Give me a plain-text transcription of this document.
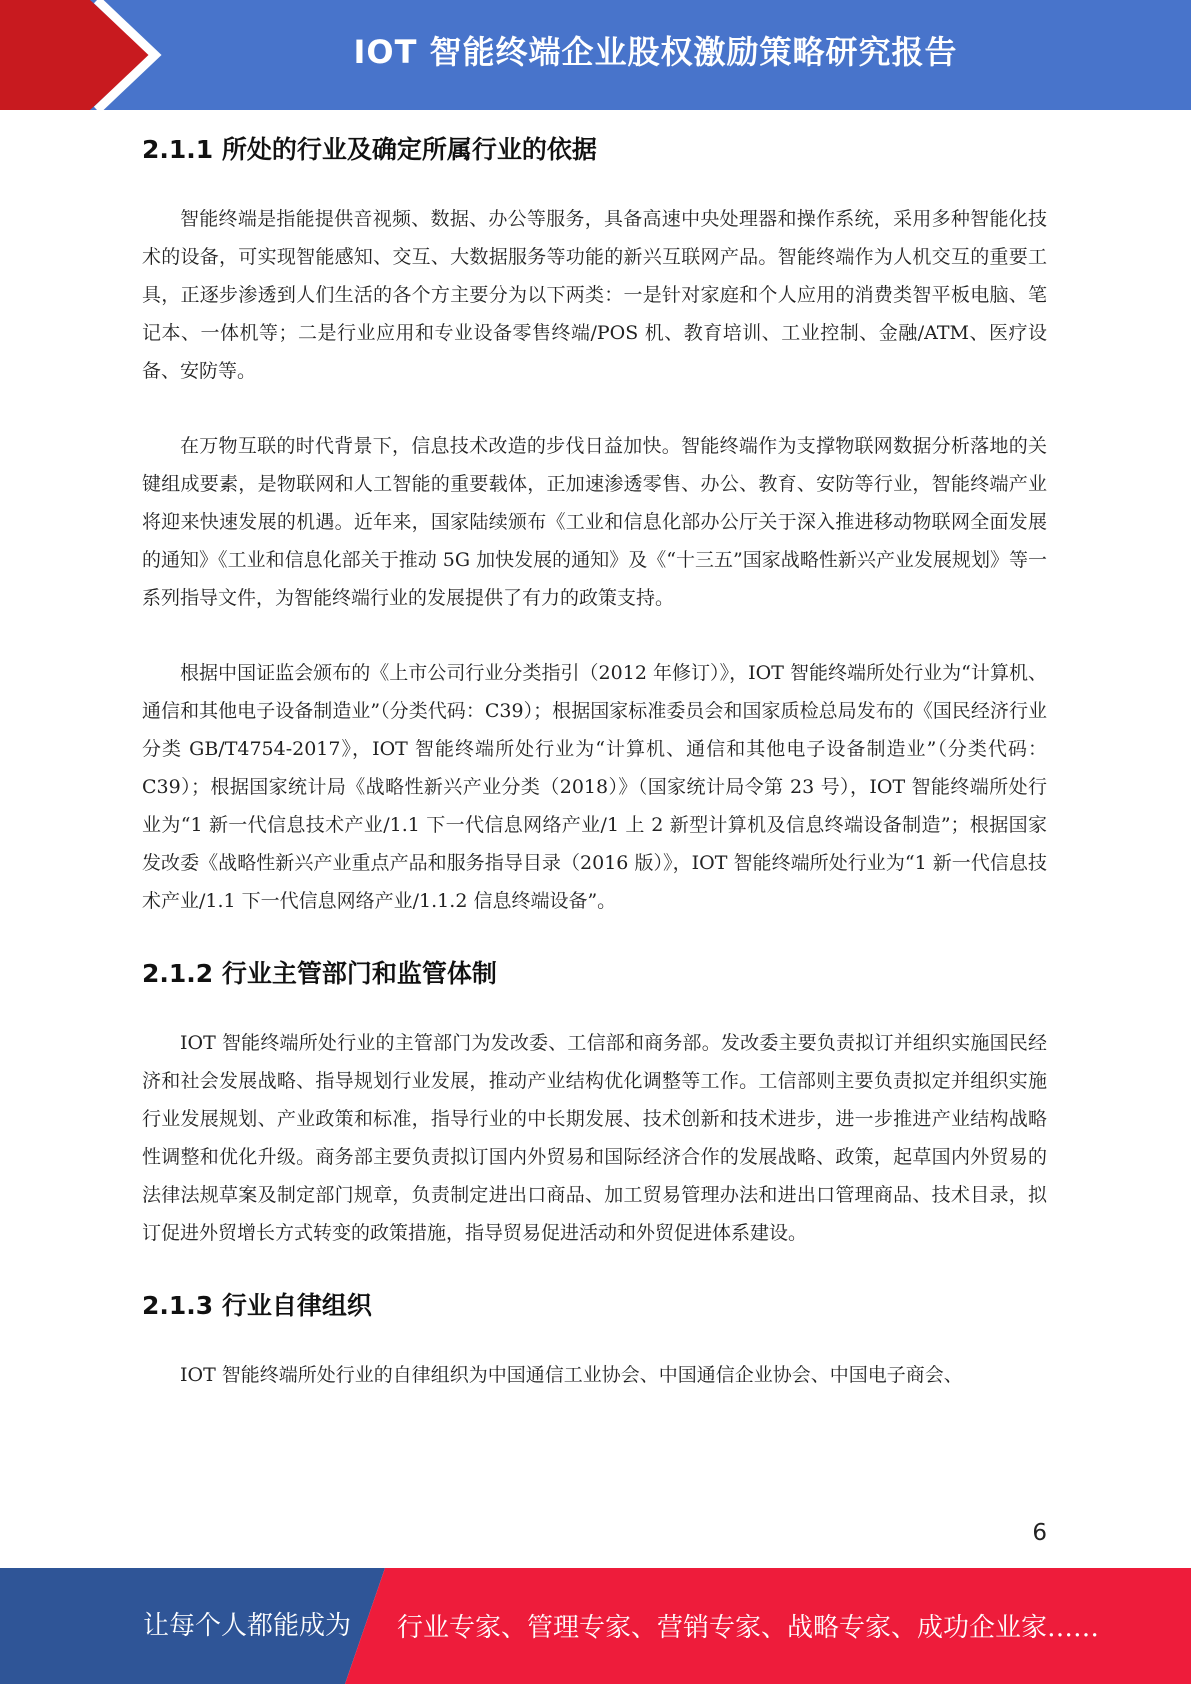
IOT 智能终端企业股权激励策略研究报告
2.1.1 所处的行业及确定所属行业的依据

智能终端是指能提供音视频、数据、办公等服务，具备高速中央处理器和操作系统，采用多种智能化技术的设备，可实现智能感知、交互、大数据服务等功能的新兴互联网产品。智能终端作为人机交互的重要工具，正逐步渗透到人们生活的各个方主要分为以下两类：一是针对家庭和个人应用的消费类智平板电脑、笔记本、一体机等；二是行业应用和专业设备零售终端/POS 机、教育培训、工业控制、金融/ATM、医疗设备、安防等。

在万物互联的时代背景下，信息技术改造的步伐日益加快。智能终端作为支撑物联网数据分析落地的关键组成要素，是物联网和人工智能的重要载体，正加速渗透零售、办公、教育、安防等行业，智能终端产业将迎来快速发展的机遇。近年来，国家陆续颁布《工业和信息化部办公厅关于深入推进移动物联网全面发展的通知》《工业和信息化部关于推动 5G 加快发展的通知》及《“十三五”国家战略性新兴产业发展规划》等一系列指导文件，为智能终端行业的发展提供了有力的政策支持。

根据中国证监会颁布的《上市公司行业分类指引（2012 年修订）》，IOT 智能终端所处行业为“计算机、通信和其他电子设备制造业”（分类代码：C39）；根据国家标准委员会和国家质检总局发布的《国民经济行业分类 GB/T4754-2017》，IOT 智能终端所处行业为“计算机、通信和其他电子设备制造业”（分类代码：C39）；根据国家统计局《战略性新兴产业分类（2018）》（国家统计局令第 23 号），IOT 智能终端所处行业为“1 新一代信息技术产业/1.1 下一代信息网络产业/1 上 2 新型计算机及信息终端设备制造”；根据国家发改委《战略性新兴产业重点产品和服务指导目录（2016 版）》，IOT 智能终端所处行业为“1 新一代信息技术产业/1.1 下一代信息网络产业/1.1.2 信息终端设备”。

2.1.2 行业主管部门和监管体制

IOT 智能终端所处行业的主管部门为发改委、工信部和商务部。发改委主要负责拟订并组织实施国民经济和社会发展战略、指导规划行业发展，推动产业结构优化调整等工作。工信部则主要负责拟定并组织实施行业发展规划、产业政策和标准，指导行业的中长期发展、技术创新和技术进步，进一步推进产业结构战略性调整和优化升级。商务部主要负责拟订国内外贸易和国际经济合作的发展战略、政策，起草国内外贸易的法律法规草案及制定部门规章，负责制定进出口商品、加工贸易管理办法和进出口管理商品、技术目录，拟订促进外贸增长方式转变的政策措施，指导贸易促进活动和外贸促进体系建设。

2.1.3 行业自律组织

IOT 智能终端所处行业的自律组织为中国通信工业协会、中国通信企业协会、中国电子商会、

6
让每个人都能成为 行业专家、管理专家、营销专家、战略专家、成功企业家……
